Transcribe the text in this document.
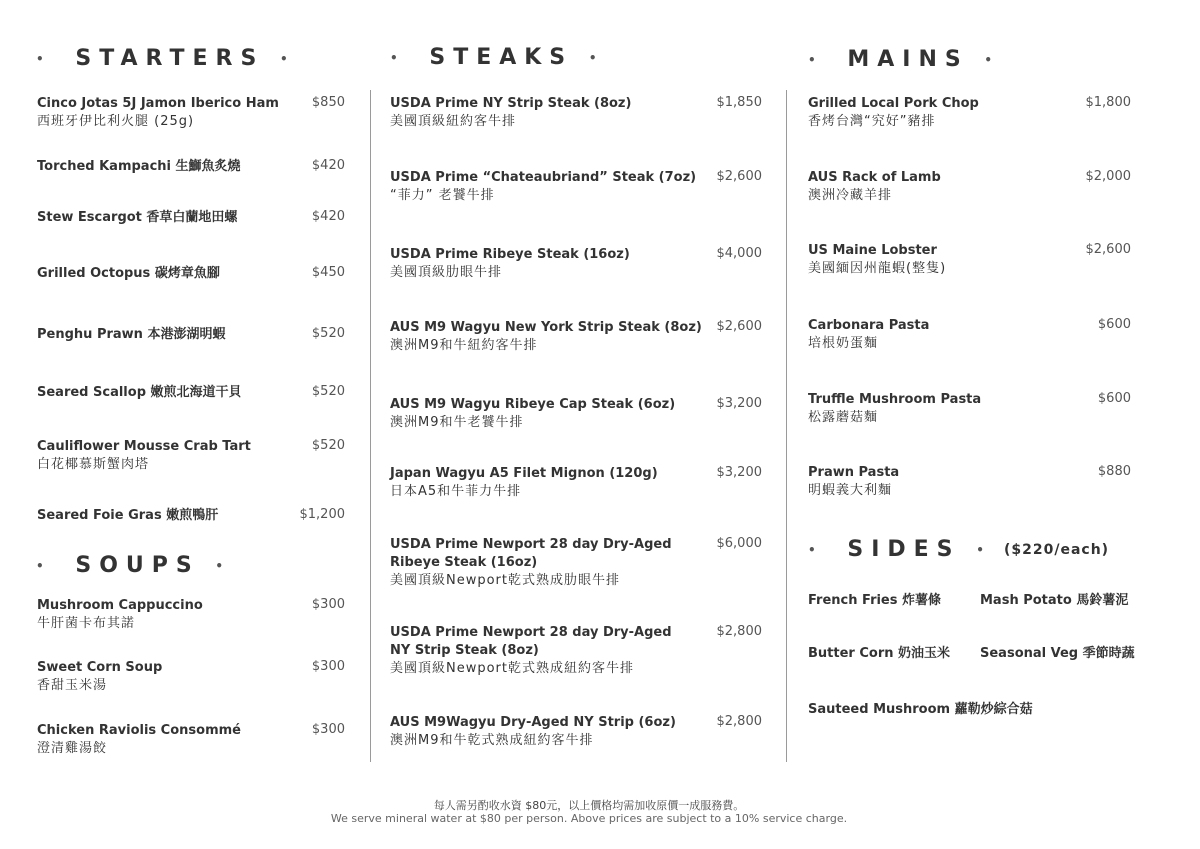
• STARTERS •
Cinco Jotas 5J Jamon Iberico Ham
西班牙伊比利火腿 (25g)
$850
Torched Kampachi 生鰤魚炙燒	$420
Stew Escargot 香草白蘭地田螺	$420
Grilled Octopus 碳烤章魚腳	$450
Penghu Prawn 本港澎湖明蝦	$520
Seared Scallop 嫩煎北海道干貝	$520
Cauliflower Mousse Crab Tart
白花椰慕斯蟹肉塔
$520
Seared Foie Gras 嫩煎鴨肝	$1,200
• SOUPS •
Mushroom Cappuccino
牛肝菌卡布其諾
$300
Sweet Corn Soup
香甜玉米湯
$300
Chicken Raviolis Consommé
澄清雞湯餃
$300
• STEAKS •
USDA Prime NY Strip Steak (8oz)
美國頂級紐約客牛排
$1,850
USDA Prime “Chateaubriand” Steak (7oz)
“菲力” 老饕牛排
$2,600
USDA Prime Ribeye Steak (16oz)
美國頂級肋眼牛排
$4,000
AUS M9 Wagyu New York Strip Steak (8oz)
澳洲M9和牛紐約客牛排
$2,600
AUS M9 Wagyu Ribeye Cap Steak (6oz)
澳洲M9和牛老饕牛排
$3,200
Japan Wagyu A5 Filet Mignon (120g)
日本A5和牛菲力牛排
$3,200
USDA Prime Newport 28 day Dry-Aged
Ribeye Steak (16oz)
美國頂級Newport乾式熟成肋眼牛排
$6,000
USDA Prime Newport 28 day Dry-Aged
NY Strip Steak (8oz)
美國頂級Newport乾式熟成紐約客牛排
$2,800
AUS M9Wagyu Dry-Aged NY Strip (6oz)
澳洲M9和牛乾式熟成紐約客牛排
$2,800
• MAINS •
Grilled Local Pork Chop
香烤台灣“究好”豬排
$1,800
AUS Rack of Lamb
澳洲冷藏羊排
$2,000
US Maine Lobster
美國緬因州龍蝦(整隻)
$2,600
Carbonara Pasta
培根奶蛋麵
$600
Truffle Mushroom Pasta
松露蘑菇麵
$600
Prawn Pasta
明蝦義大利麵
$880
• SIDES • ($220/each)
French Fries 炸薯條	Mash Potato 馬鈴薯泥
Butter Corn 奶油玉米 Seasonal Veg 季節時蔬
Sauteed Mushroom 蘿勒炒綜合菇
每人需另酌收水資 $80元，以上價格均需加收原價一成服務費。
We serve mineral water at $80 per person. Above prices are subject to a 10% service charge.
